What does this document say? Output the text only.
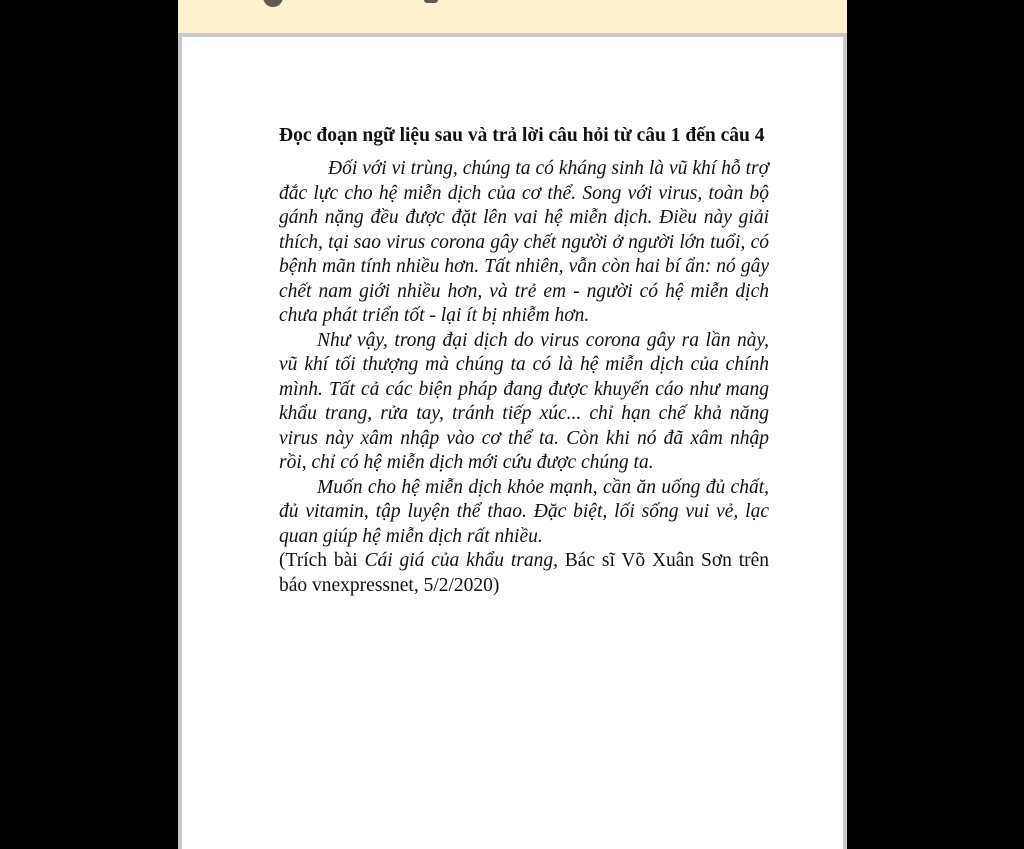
Đọc đoạn ngữ liệu sau và trả lời câu hỏi từ câu 1 đến câu 4

Đối với vi trùng, chúng ta có kháng sinh là vũ khí hỗ trợ đắc lực cho hệ miễn dịch của cơ thể. Song với virus, toàn bộ gánh nặng đều được đặt lên vai hệ miễn dịch. Điều này giải thích, tại sao virus corona gây chết người ở người lớn tuổi, có bệnh mãn tính nhiều hơn. Tất nhiên, vẫn còn hai bí ẩn: nó gây chết nam giới nhiều hơn, và trẻ em - người có hệ miễn dịch chưa phát triển tốt - lại ít bị nhiễm hơn.

Như vậy, trong đại dịch do virus corona gây ra lần này, vũ khí tối thượng mà chúng ta có là hệ miễn dịch của chính mình. Tất cả các biện pháp đang được khuyến cáo như mang khẩu trang, rửa tay, tránh tiếp xúc... chỉ hạn chế khả năng virus này xâm nhập vào cơ thể ta. Còn khi nó đã xâm nhập rồi, chỉ có hệ miễn dịch mới cứu được chúng ta.

Muốn cho hệ miễn dịch khỏe mạnh, cần ăn uống đủ chất, đủ vitamin, tập luyện thể thao. Đặc biệt, lối sống vui vẻ, lạc quan giúp hệ miễn dịch rất nhiều.

(Trích bài Cái giá của khẩu trang, Bác sĩ Võ Xuân Sơn trên báo vnexpressnet, 5/2/2020)
